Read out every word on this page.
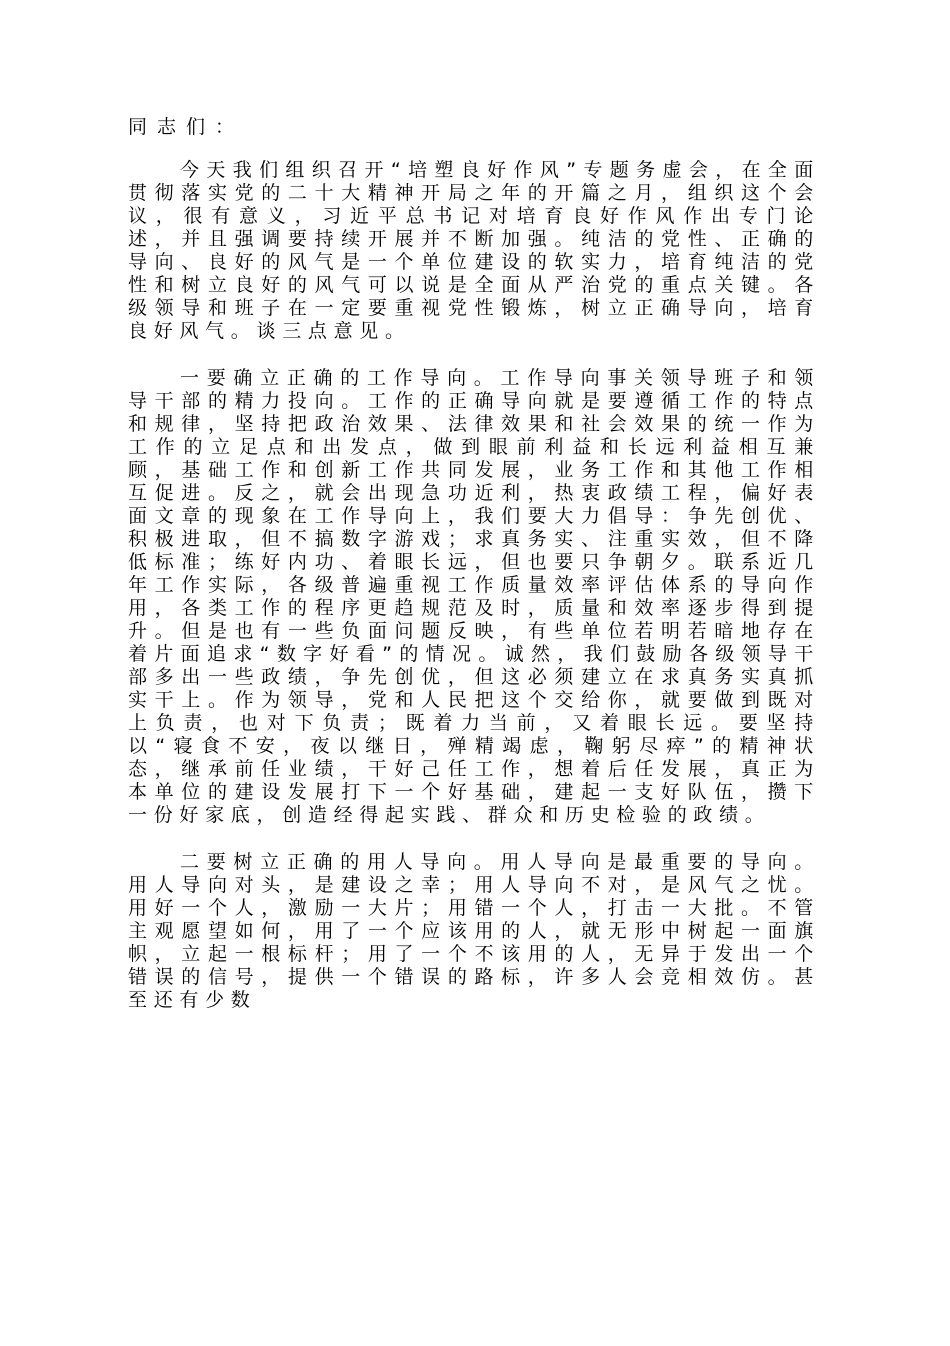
同志们：

今天我们组织召开“培塑良好作风”专题务虚会，在全面贯彻落实党的二十大精神开局之年的开篇之月，组织这个会议，很有意义，习近平总书记对培育良好作风作出专门论述，并且强调要持续开展并不断加强。纯洁的党性、正确的导向、良好的风气是一个单位建设的软实力，培育纯洁的党性和树立良好的风气可以说是全面从严治党的重点关键。各级领导和班子在一定要重视党性锻炼，树立正确导向，培育良好风气。谈三点意见。

一要确立正确的工作导向。工作导向事关领导班子和领导干部的精力投向。工作的正确导向就是要遵循工作的特点和规律，坚持把政治效果、法律效果和社会效果的统一作为工作的立足点和出发点，做到眼前利益和长远利益相互兼顾，基础工作和创新工作共同发展，业务工作和其他工作相互促进。反之，就会出现急功近利，热衷政绩工程，偏好表面文章的现象在工作导向上，我们要大力倡导：争先创优、积极进取，但不搞数字游戏；求真务实、注重实效，但不降低标准；练好内功、着眼长远，但也要只争朝夕。联系近几年工作实际，各级普遍重视工作质量效率评估体系的导向作用，各类工作的程序更趋规范及时，质量和效率逐步得到提升。但是也有一些负面问题反映，有些单位若明若暗地存在着片面追求“数字好看”的情况。诚然，我们鼓励各级领导干部多出一些政绩，争先创优，但这必须建立在求真务实真抓实干上。作为领导，党和人民把这个交给你，就要做到既对上负责，也对下负责；既着力当前，又着眼长远。要坚持以“寝食不安，夜以继日，殚精竭虑，鞠躬尽瘁”的精神状态，继承前任业绩，干好己任工作，想着后任发展，真正为本单位的建设发展打下一个好基础，建起一支好队伍，攒下一份好家底，创造经得起实践、群众和历史检验的政绩。

二要树立正确的用人导向。用人导向是最重要的导向。用人导向对头，是建设之幸；用人导向不对，是风气之忧。用好一个人，激励一大片；用错一个人，打击一大批。不管主观愿望如何，用了一个应该用的人，就无形中树起一面旗帜，立起一根标杆；用了一个不该用的人，无异于发出一个错误的信号，提供一个错误的路标，许多人会竞相效仿。甚至还有少数
